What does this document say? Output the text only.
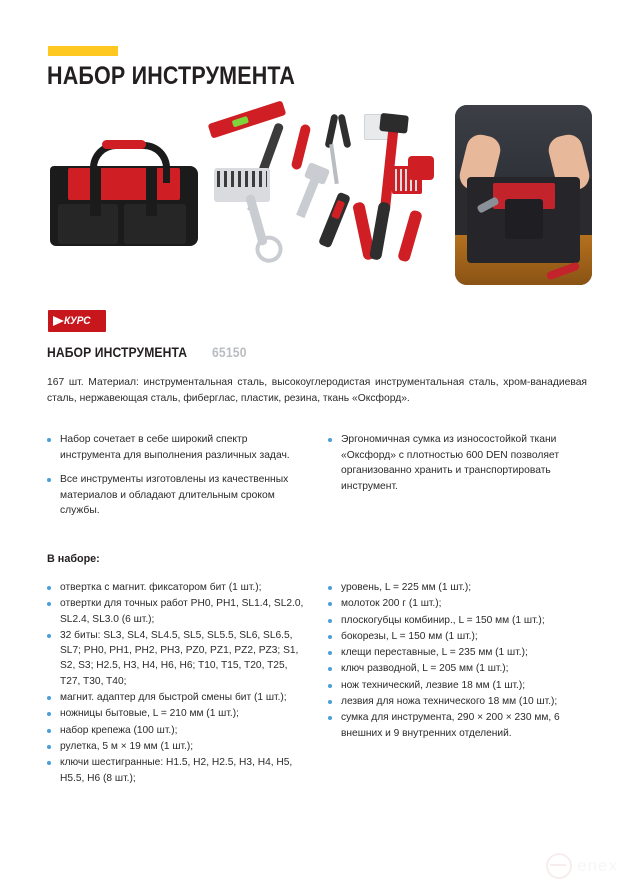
НАБОР ИНСТРУМЕНТА
КУРС
НАБОР ИНСТРУМЕНТА 65150
167 шт. Материал: инструментальная сталь, высокоуглеродистая инструментальная сталь, хром-ванадиевая сталь, нержавеющая сталь, фиберглас, пластик, резина, ткань «Оксфорд».
Набор сочетает в себе широкий спектр инструмента для выполнения различных задач.
Все инструменты изготовлены из качественных материалов и обладают длительным сроком службы.
Эргономичная сумка из износостойкой ткани «Оксфорд» с плотностью 600 DEN позволяет организованно хранить и транспортировать инструмент.
В наборе:
отвертка с магнит. фиксатором бит (1 шт.);
отвертки для точных работ PH0, PH1, SL1.4, SL2.0, SL2.4, SL3.0 (6 шт.);
32 биты: SL3, SL4, SL4.5, SL5, SL5.5, SL6, SL6.5, SL7; PH0, PH1, PH2, PH3, PZ0, PZ1, PZ2, PZ3; S1, S2, S3; H2.5, H3, H4, H6, H6; T10, T15, T20, T25, T27, T30, T40;
магнит. адаптер для быстрой смены бит (1 шт.);
ножницы бытовые, L = 210 мм (1 шт.);
набор крепежа (100 шт.);
рулетка, 5 м × 19 мм (1 шт.);
ключи шестигранные: H1.5, H2, H2.5, H3, H4, H5, H5.5, H6 (8 шт.);
уровень, L = 225 мм (1 шт.);
молоток 200 г (1 шт.);
плоскогубцы комбинир., L = 150 мм (1 шт.);
бокорезы, L = 150 мм (1 шт.);
клещи переставные, L = 235 мм (1 шт.);
ключ разводной, L = 205 мм (1 шт.);
нож технический, лезвие 18 мм (1 шт.);
лезвия для ножа технического 18 мм (10 шт.);
сумка для инструмента, 290 × 200 × 230 мм, 6 внешних и 9 внутренних отделений.
enex
